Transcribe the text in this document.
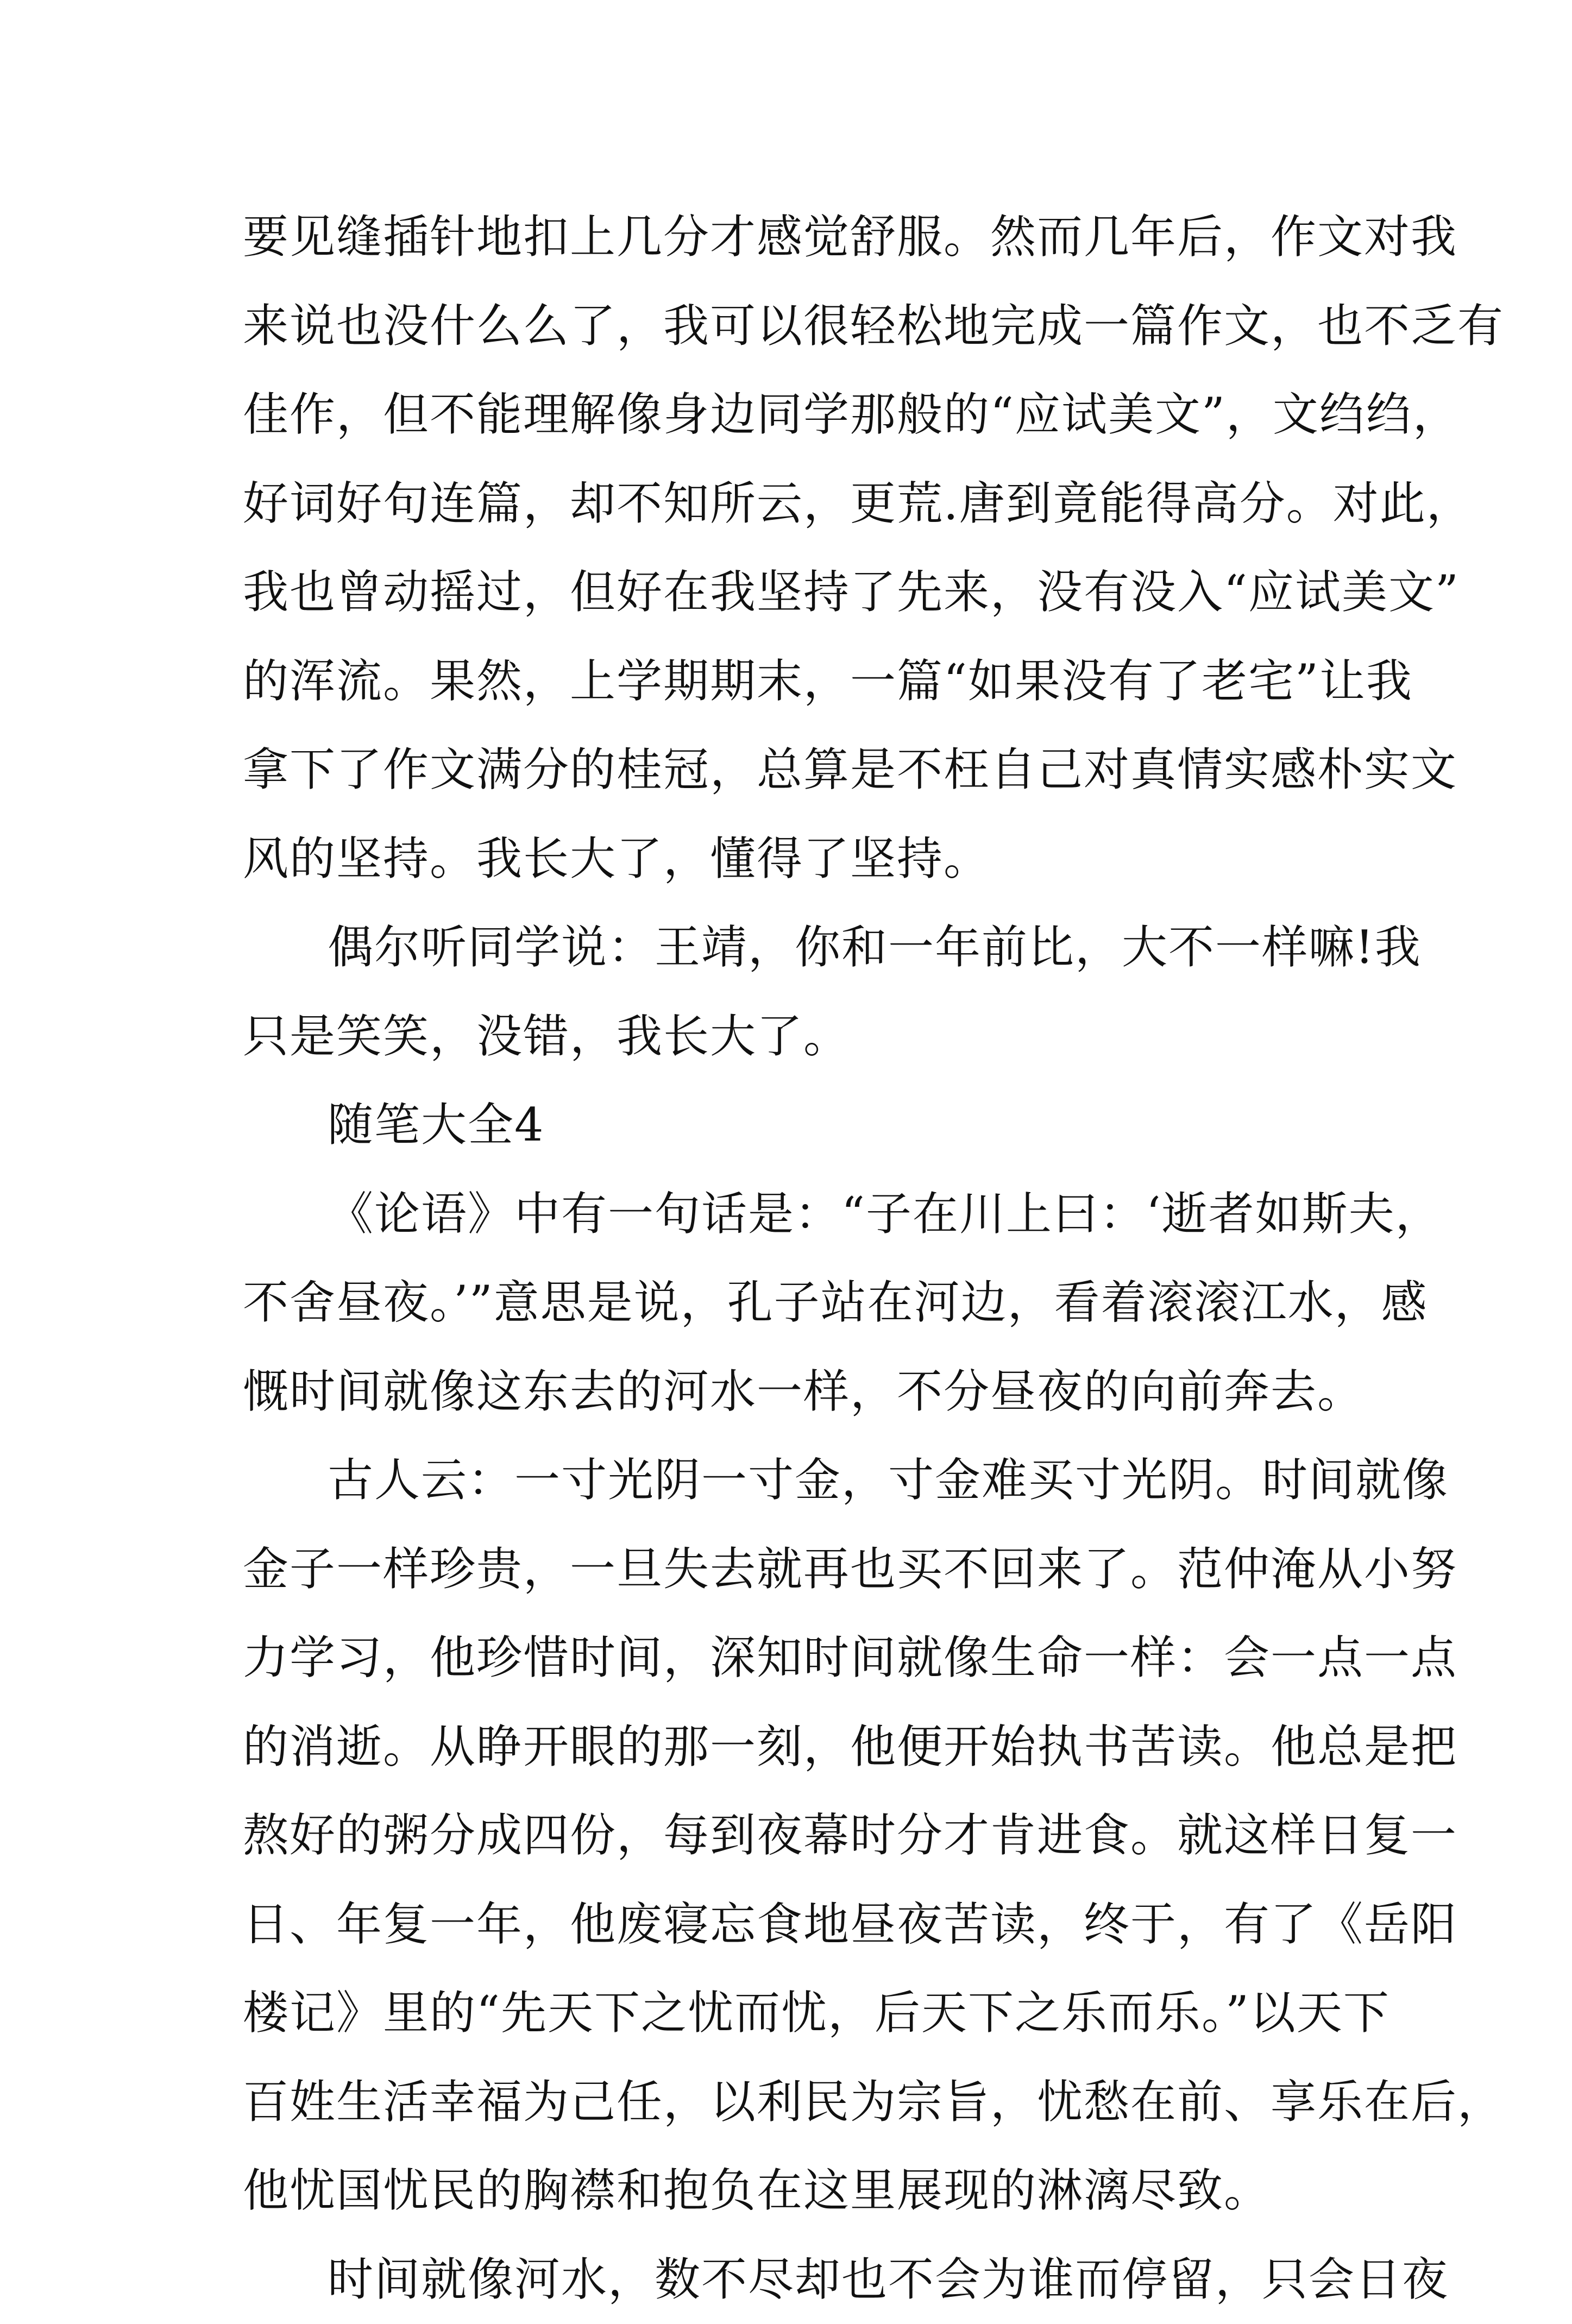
要见缝插针地扣上几分才感觉舒服。然而几年后，作文对我
来说也没什么么了，我可以很轻松地完成一篇作文，也不乏有
佳作，但不能理解像身边同学那般的“应试美文”，文绉绉，
好词好句连篇，却不知所云，更荒.唐到竟能得高分。对此，
我也曾动摇过，但好在我坚持了先来，没有没入“应试美文”
的浑流。果然，上学期期末，一篇“如果没有了老宅”让我
拿下了作文满分的桂冠，总算是不枉自己对真情实感朴实文
风的坚持。我长大了，懂得了坚持。
偶尔听同学说：王靖，你和一年前比，大不一样嘛!我
只是笑笑，没错，我长大了。
随笔大全4
《论语》中有一句话是：“子在川上曰：‘逝者如斯夫，
不舍昼夜。’”意思是说，孔子站在河边，看着滚滚江水，感
慨时间就像这东去的河水一样，不分昼夜的向前奔去。
古人云：一寸光阴一寸金，寸金难买寸光阴。时间就像
金子一样珍贵，一旦失去就再也买不回来了。范仲淹从小努
力学习，他珍惜时间，深知时间就像生命一样：会一点一点
的消逝。从睁开眼的那一刻，他便开始执书苦读。他总是把
熬好的粥分成四份，每到夜幕时分才肯进食。就这样日复一
日、年复一年，他废寝忘食地昼夜苦读，终于，有了《岳阳
楼记》里的“先天下之忧而忧，后天下之乐而乐。”以天下
百姓生活幸福为己任，以利民为宗旨，忧愁在前、享乐在后，
他忧国忧民的胸襟和抱负在这里展现的淋漓尽致。
时间就像河水，数不尽却也不会为谁而停留，只会日夜
